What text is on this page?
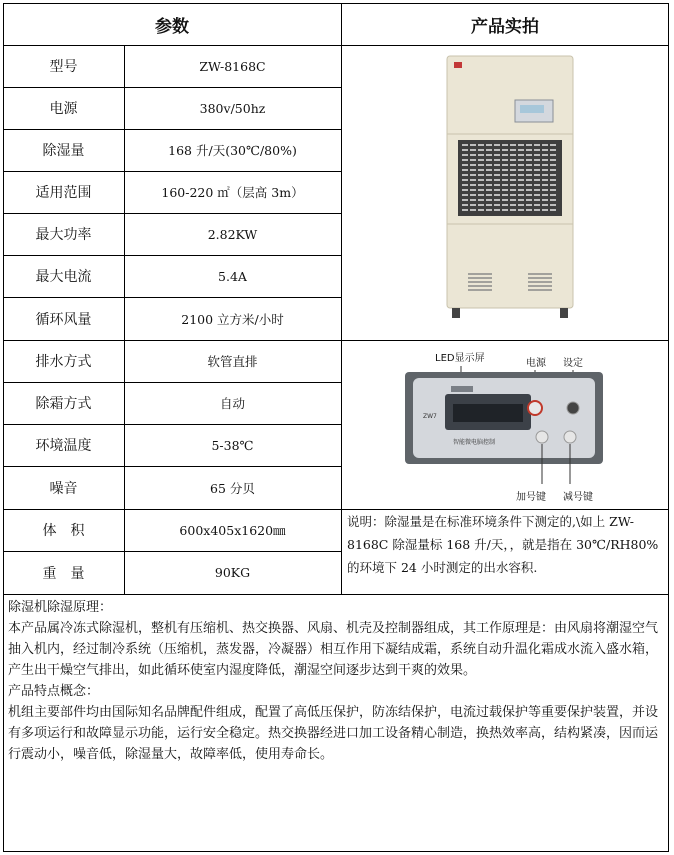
参数	产品实拍
型号	ZW-8168C
电源	380v/50hz
除湿量	168 升/天(30℃/80%)
适用范围	160-220 ㎡（层高 3m）
最大功率	2.82KW
最大电流	5.4A
循环风量	2100 立方米/小时
排水方式	软管直排
除霜方式	自动
环境温度	5-38℃
噪音	65 分贝
体　积	600x405x1620㎜
重　量	90KG
LED显示屏	电源 设定
加号键 减号键
ZW7
智能微电脑控制
说明：除湿量是在标准环境条件下测定的,\如上 ZW-8168C 除湿量标 168 升/天，，就是指在 30℃/RH80%的环境下 24 小时测定的出水容积.

除湿机除湿原理：

本产品属冷冻式除湿机，整机有压缩机、热交换器、风扇、机壳及控制器组成，其工作原理是：由风扇将潮湿空气抽入机内，经过制冷系统（压缩机，蒸发器，冷凝器）相互作用下凝结成霜，系统自动升温化霜成水流入盛水箱，产生出干燥空气排出，如此循环使室内湿度降低，潮湿空间逐步达到干爽的效果。

产品特点概念：

机组主要部件均由国际知名品牌配件组成，配置了高低压保护，防冻结保护，电流过载保护等重要保护装置，并设有多项运行和故障显示功能，运行安全稳定。热交换器经进口加工设备精心制造，换热效率高，结构紧凑，因而运行震动小，噪音低，除湿量大，故障率低，使用寿命长。
